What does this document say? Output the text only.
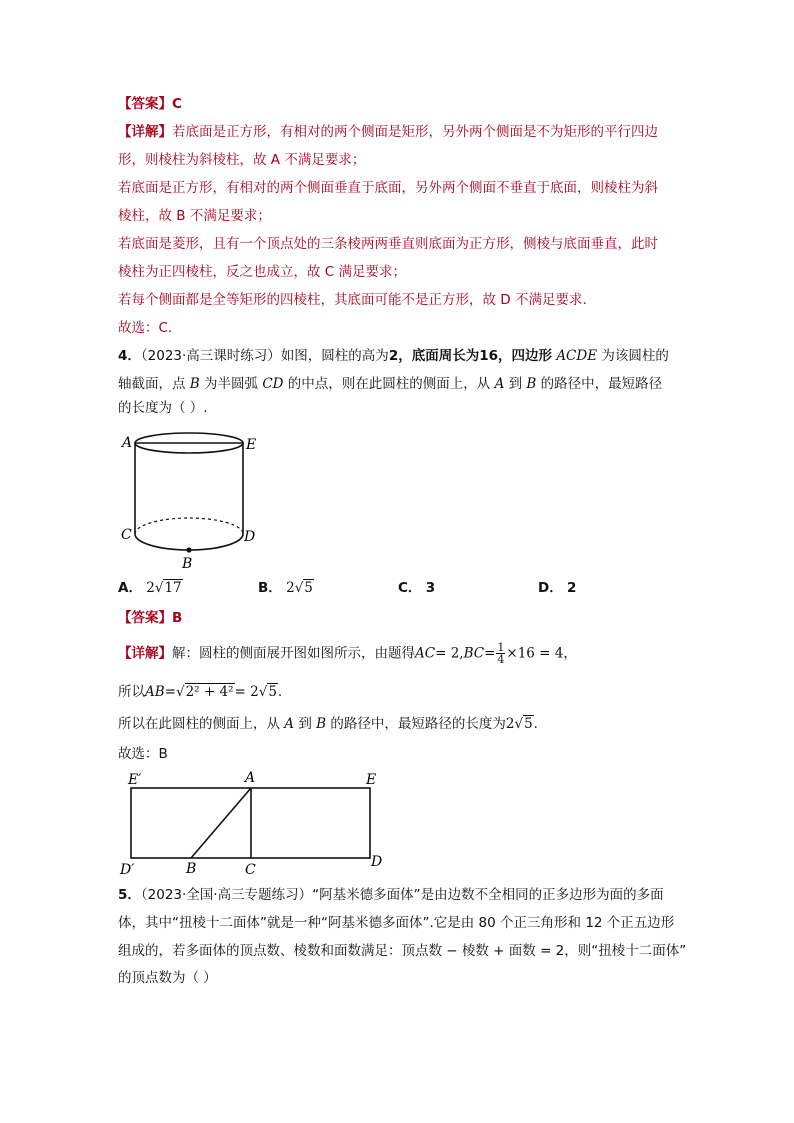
【答案】C
【详解】若底面是正方形，有相对的两个侧面是矩形，另外两个侧面是不为矩形的平行四边
形，则棱柱为斜棱柱，故 A 不满足要求；
若底面是正方形，有相对的两个侧面垂直于底面，另外两个侧面不垂直于底面，则棱柱为斜
棱柱，故 B 不满足要求；
若底面是菱形，且有一个顶点处的三条棱两两垂直则底面为正方形，侧棱与底面垂直，此时
棱柱为正四棱柱，反之也成立，故 C 满足要求；
若每个侧面都是全等矩形的四棱柱，其底面可能不是正方形，故 D 不满足要求.
故选：C.
4．（2023·高三课时练习）如图，圆柱的高为2，底面周长为16，四边形 ACDE 为该圆柱的
轴截面，点 B 为半圆弧 CD 的中点，则在此圆柱的侧面上，从 A 到 B 的路径中，最短路径
的长度为（ ）.
A	E
C	D
B
A． 2√17	B． 2√5	C． 3	D． 2
【答案】B
【详解】解：圆柱的侧面展开图如图所示，由题得$AC= 2,BC= \frac{1}{4} \times 16 = 4$，
所以AB=√2² + 4²= 2√5.
所以在此圆柱的侧面上，从 A 到 B 的路径中，最短路径的长度为2√5.
故选：B
E′	A	E
D′	B	C	D
5．（2023·全国·高三专题练习）“阿基米德多面体”是由边数不全相同的正多边形为面的多面
体，其中“扭棱十二面体”就是一种“阿基米德多面体”.它是由 80 个正三角形和 12 个正五边形
组成的，若多面体的顶点数、棱数和面数满足：顶点数 − 棱数 + 面数 = 2，则“扭棱十二面体”
的顶点数为（ ）
